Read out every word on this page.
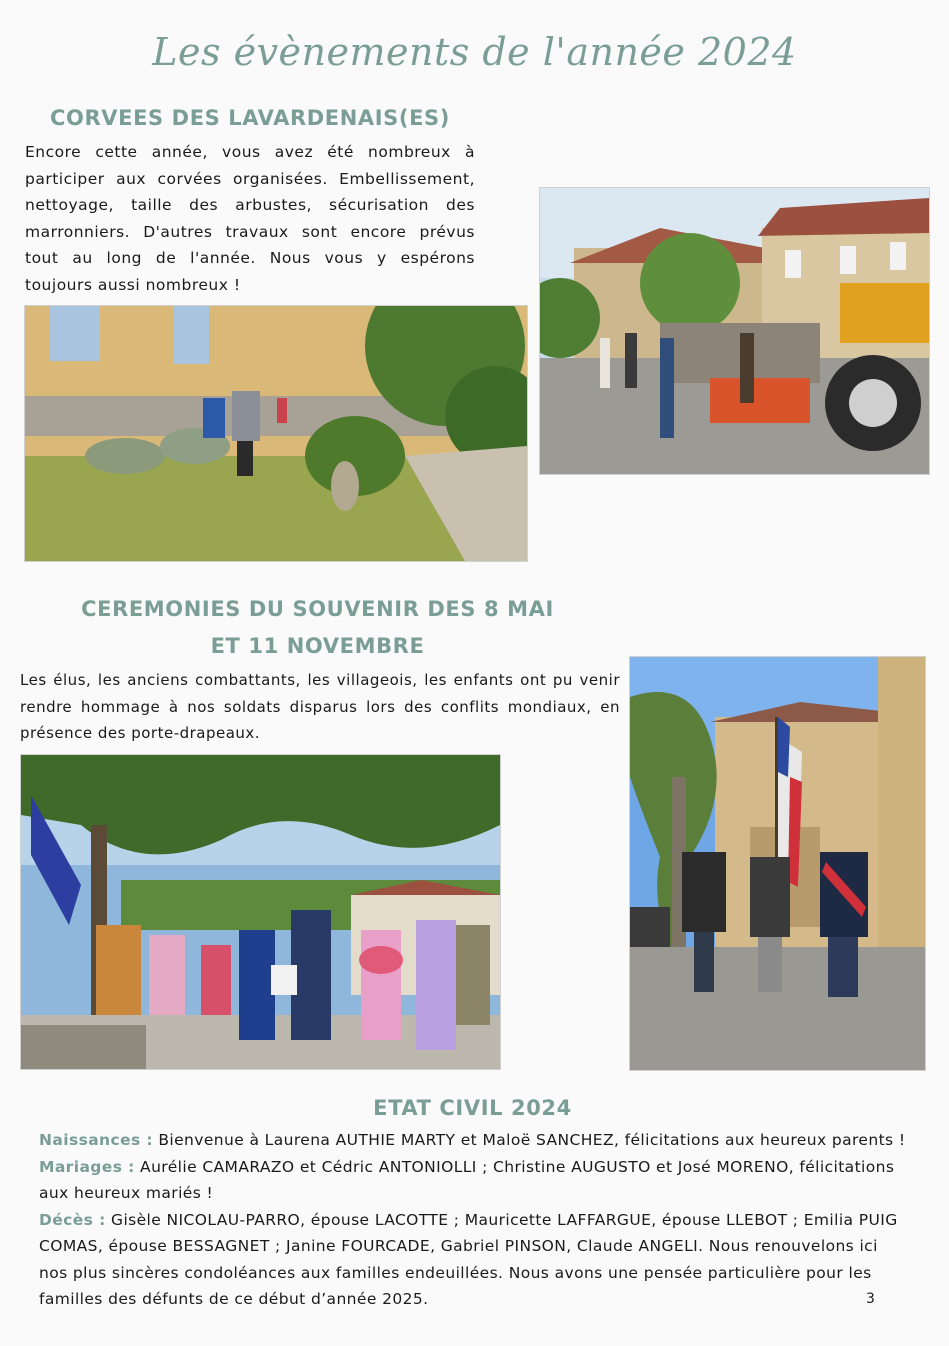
Les évènements de l'année 2024
CORVEES DES LAVARDENAIS(ES)
Encore cette année, vous avez été nombreux à participer aux corvées organisées. Embellissement, nettoyage, taille des arbustes, sécurisation des marronniers. D'autres travaux sont encore prévus tout au long de l'année. Nous vous y espérons toujours aussi nombreux !
CEREMONIES DU SOUVENIR DES 8 MAI
ET 11 NOVEMBRE
Les élus, les anciens combattants, les villageois, les enfants ont pu venir rendre hommage à nos soldats disparus lors des conflits mondiaux, en présence des porte-drapeaux.
ETAT CIVIL 2024

Naissances : Bienvenue à Laurena AUTHIE MARTY et Maloë SANCHEZ, félicitations aux heureux parents !

Mariages : Aurélie CAMARAZO et Cédric ANTONIOLLI ; Christine AUGUSTO et José MORENO, félicitations aux heureux mariés !

Décès : Gisèle NICOLAU-PARRO, épouse LACOTTE ; Mauricette LAFFARGUE, épouse LLEBOT ; Emilia PUIG COMAS, épouse BESSAGNET ; Janine FOURCADE, Gabriel PINSON, Claude ANGELI. Nous renouvelons ici nos plus sincères condoléances aux familles endeuillées. Nous avons une pensée particulière pour les familles des défunts de ce début d’année 2025.	3
